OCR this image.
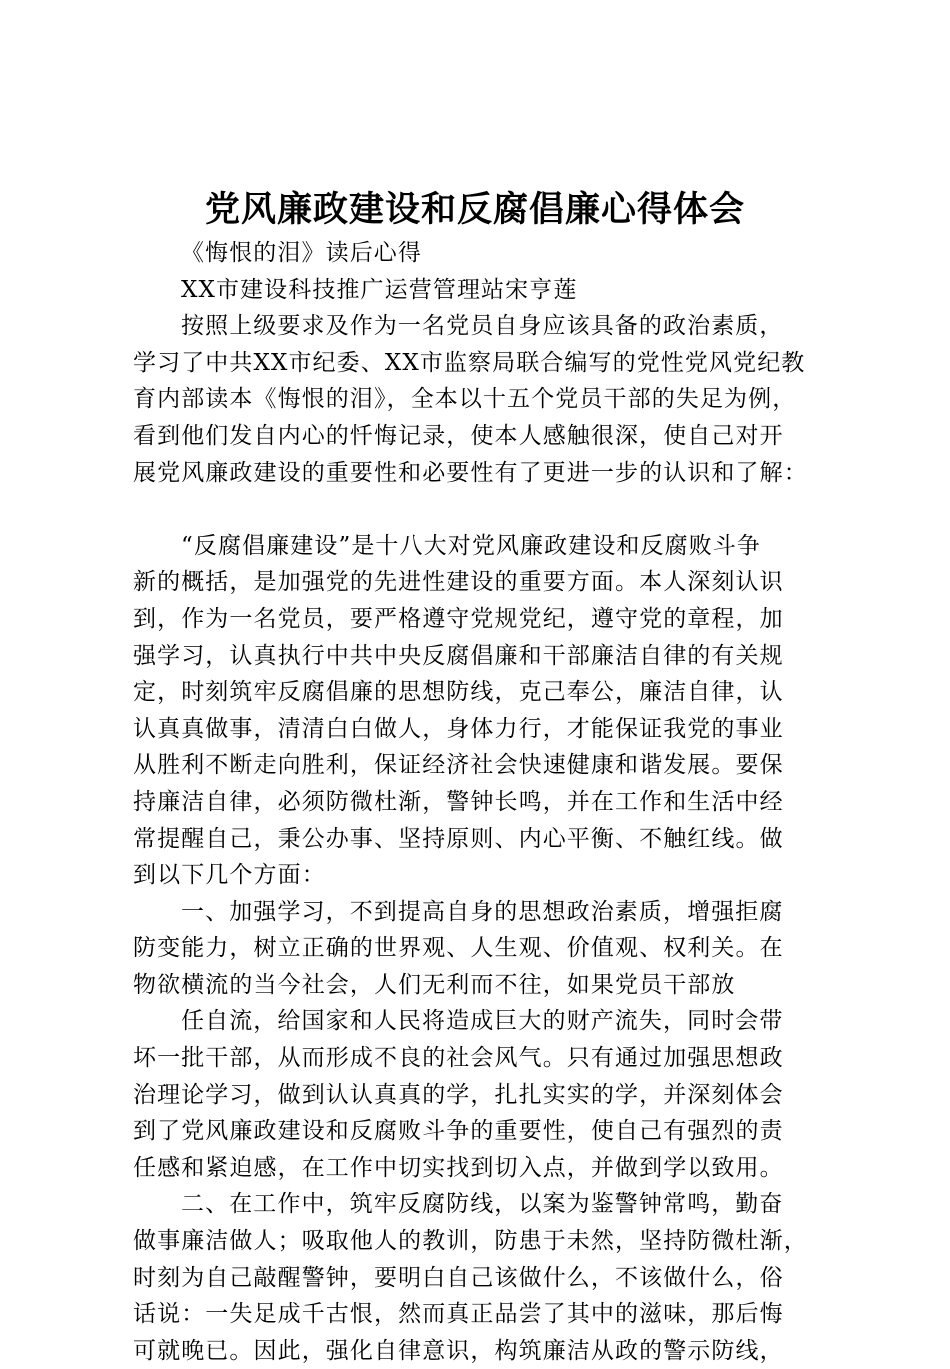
党风廉政建设和反腐倡廉心得体会
《悔恨的泪》读后心得
XX市建设科技推广运营管理站宋亨莲
按照上级要求及作为一名党员自身应该具备的政治素质，
学习了中共XX市纪委、XX市监察局联合编写的党性党风党纪教
育内部读本《悔恨的泪》，全本以十五个党员干部的失足为例，
看到他们发自内心的忏悔记录，使本人感触很深，使自己对开
展党风廉政建设的重要性和必要性有了更进一步的认识和了解：
“反腐倡廉建设”是十八大对党风廉政建设和反腐败斗争
新的概括，是加强党的先进性建设的重要方面。本人深刻认识
到，作为一名党员，要严格遵守党规党纪，遵守党的章程，加
强学习，认真执行中共中央反腐倡廉和干部廉洁自律的有关规
定，时刻筑牢反腐倡廉的思想防线，克己奉公，廉洁自律，认
认真真做事，清清白白做人，身体力行，才能保证我党的事业
从胜利不断走向胜利，保证经济社会快速健康和谐发展。要保
持廉洁自律，必须防微杜渐，警钟长鸣，并在工作和生活中经
常提醒自己，秉公办事、坚持原则、内心平衡、不触红线。做
到以下几个方面：
一、加强学习，不到提高自身的思想政治素质，增强拒腐
防变能力，树立正确的世界观、人生观、价值观、权利关。在
物欲横流的当今社会，人们无利而不往，如果党员干部放
任自流，给国家和人民将造成巨大的财产流失，同时会带
坏一批干部，从而形成不良的社会风气。只有通过加强思想政
治理论学习，做到认认真真的学，扎扎实实的学，并深刻体会
到了党风廉政建设和反腐败斗争的重要性，使自己有强烈的责
任感和紧迫感，在工作中切实找到切入点，并做到学以致用。
二、在工作中，筑牢反腐防线，以案为鉴警钟常鸣，勤奋
做事廉洁做人；吸取他人的教训，防患于未然，坚持防微杜渐，
时刻为自己敲醒警钟，要明白自己该做什么，不该做什么，俗
话说：一失足成千古恨，然而真正品尝了其中的滋味，那后悔
可就晚已。因此，强化自律意识，构筑廉洁从政的警示防线，
